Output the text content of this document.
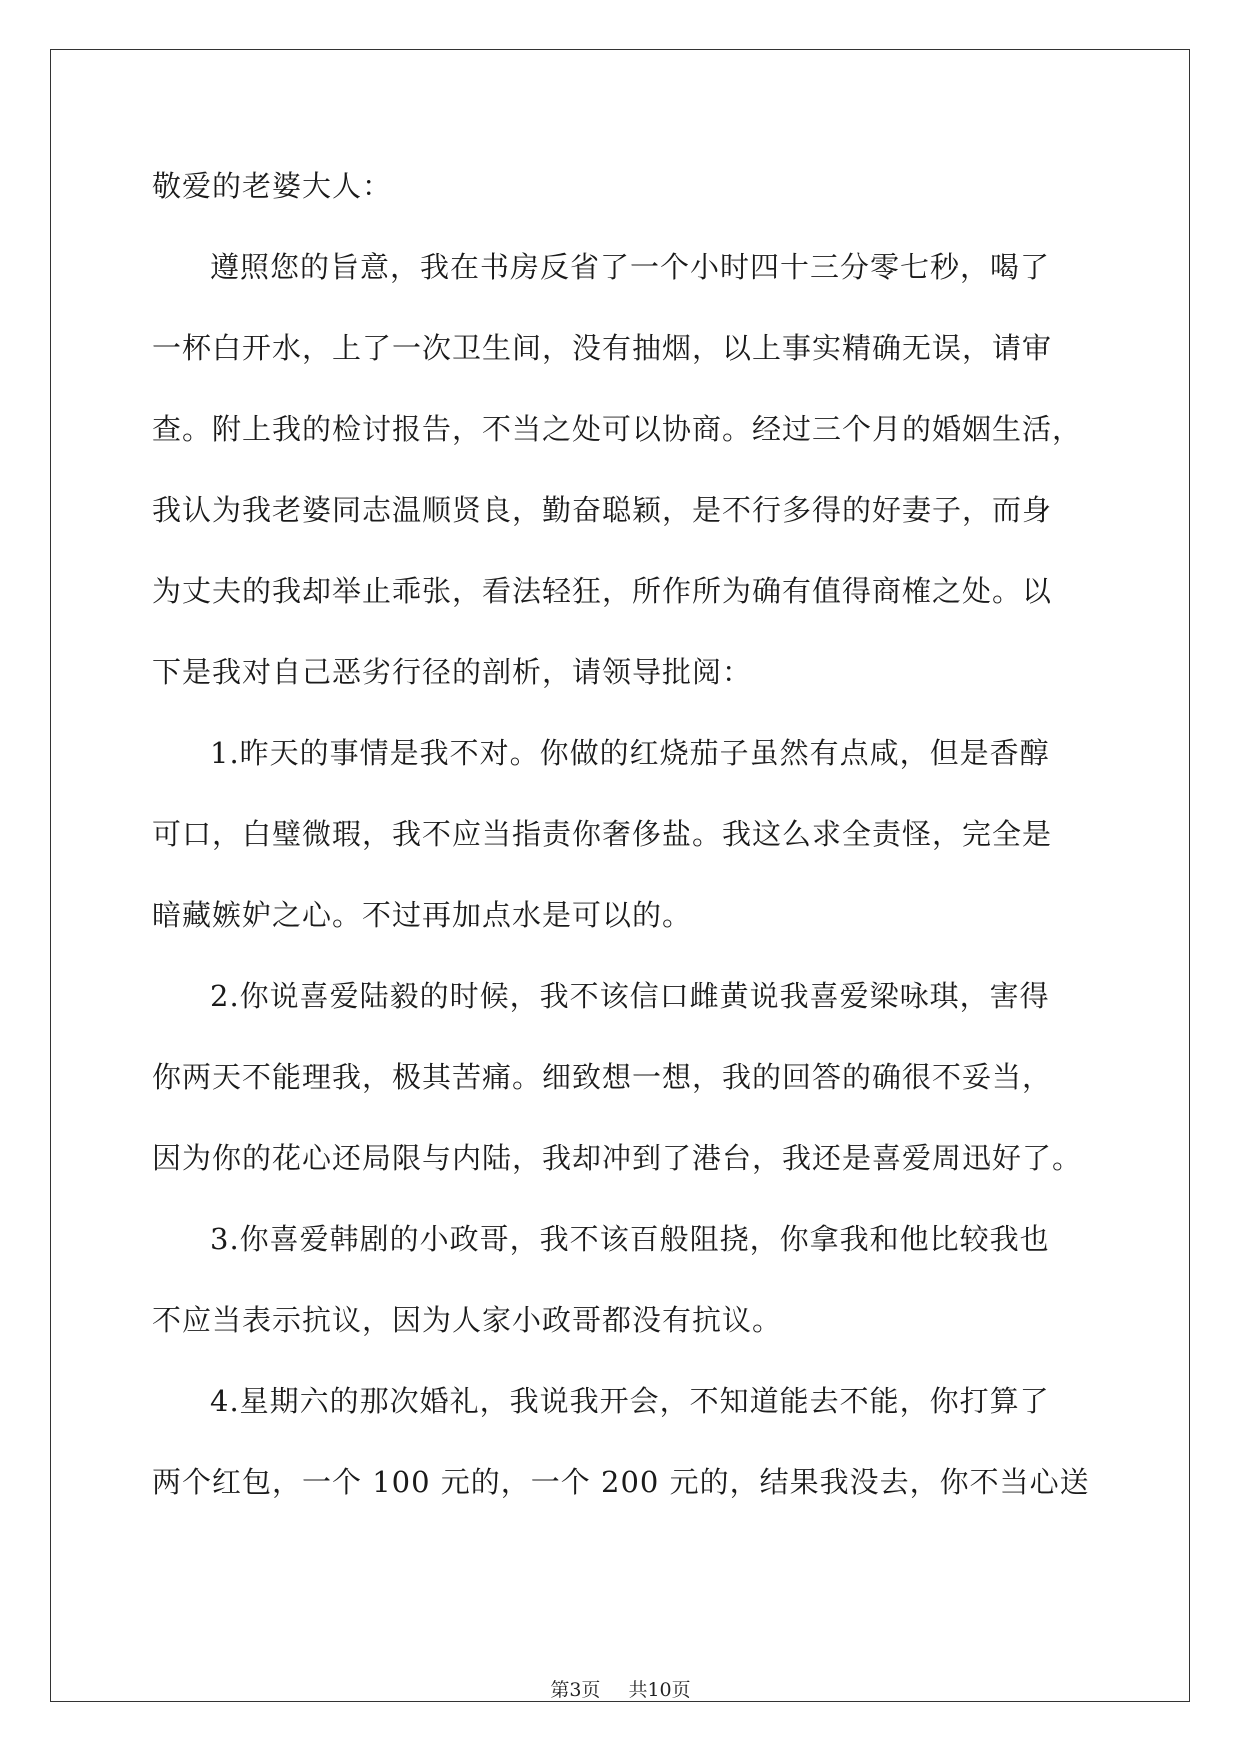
敬爱的老婆大人：
遵照您的旨意，我在书房反省了一个小时四十三分零七秒，喝了
一杯白开水，上了一次卫生间，没有抽烟，以上事实精确无误，请审
查。附上我的检讨报告，不当之处可以协商。经过三个月的婚姻生活，
我认为我老婆同志温顺贤良，勤奋聪颖，是不行多得的好妻子，而身
为丈夫的我却举止乖张，看法轻狂，所作所为确有值得商榷之处。以
下是我对自己恶劣行径的剖析，请领导批阅：
1.昨天的事情是我不对。你做的红烧茄子虽然有点咸，但是香醇
可口，白璧微瑕，我不应当指责你奢侈盐。我这么求全责怪，完全是
暗藏嫉妒之心。不过再加点水是可以的。
2.你说喜爱陆毅的时候，我不该信口雌黄说我喜爱梁咏琪，害得
你两天不能理我，极其苦痛。细致想一想，我的回答的确很不妥当，
因为你的花心还局限与内陆，我却冲到了港台，我还是喜爱周迅好了。
3.你喜爱韩剧的小政哥，我不该百般阻挠，你拿我和他比较我也
不应当表示抗议，因为人家小政哥都没有抗议。
4.星期六的那次婚礼，我说我开会，不知道能去不能，你打算了
两个红包，一个 100 元的，一个 200 元的，结果我没去，你不当心送
第3页 共10页
